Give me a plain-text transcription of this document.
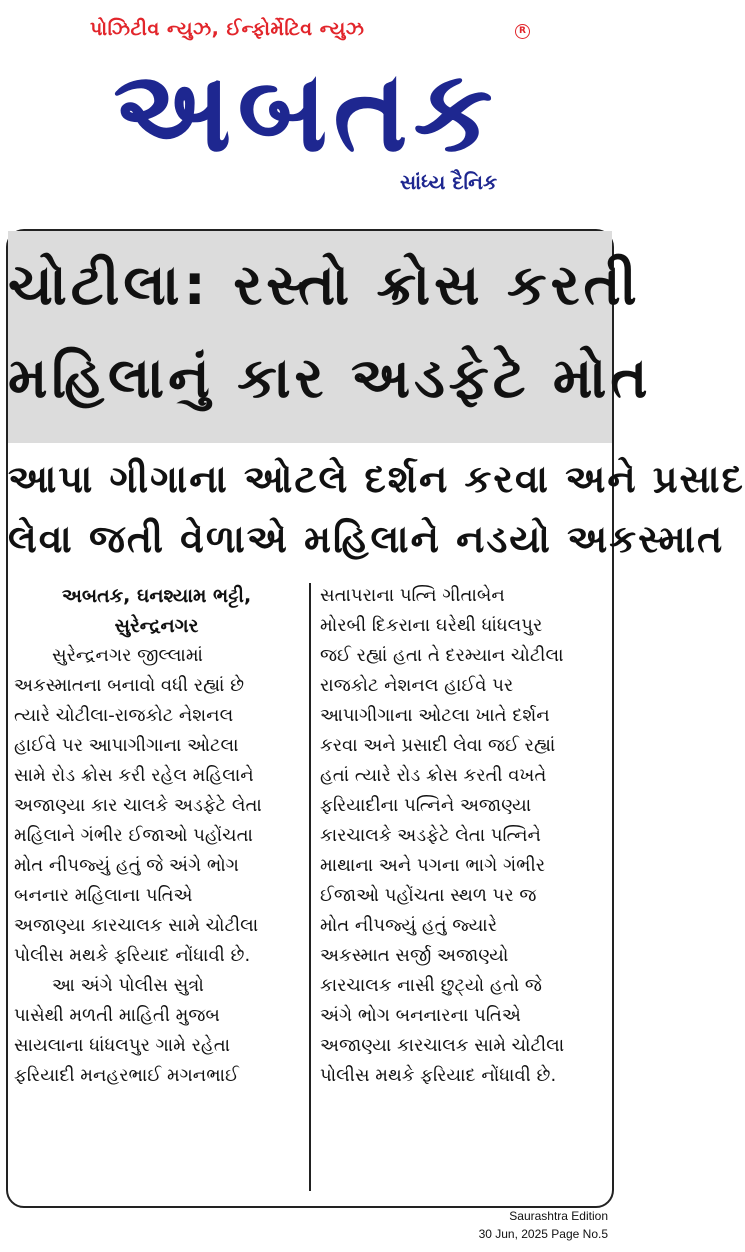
પોઝિટીવ ન્યુઝ, ઈન્ફોર્મેટિવ ન્યુઝ	R
અબતક
સાંધ્ય દૈનિક
ચોટીલા: રસ્તો ક્રોસ કરતી
મહિલાનું કાર અડફેટે મોત
આપા ગીગાના ઓટલે દર્શન કરવા અને પ્રસાદ
લેવા જતી વેળાએ મહિલાને નડયો અકસ્માત

અબતક, ઘનશ્યામ ભટ્ટી,
સુરેન્દ્રનગર

સુરેન્દ્રનગર જીલ્લામાં
અકસ્માતના બનાવો વધી રહ્યાં છે
ત્યારે ચોટીલા-રાજકોટ નેશનલ
હાઈવે પર આપાગીગાના ઓટલા
સામે રોડ ક્રોસ કરી રહેલ મહિલાને
અજાણ્યા કાર ચાલકે અડફેટે લેતા
મહિલાને ગંભીર ઈજાઓ પહોંચતા
મોત નીપજ્યું હતું જે અંગે ભોગ
બનનાર મહિલાના પતિએ
અજાણ્યા કારચાલક સામે ચોટીલા
પોલીસ મથકે ફરિયાદ નોંધાવી છે.
આ અંગે પોલીસ સુત્રો
પાસેથી મળતી માહિતી મુજબ
સાયલાના ધાંધલપુર ગામે રહેતા
ફરિયાદી મનહરભાઈ મગનભાઈ

સતાપરાના પત્નિ ગીતાબેન
મોરબી દિકરાના ઘરેથી ધાંધલપુર
જઈ રહ્યાં હતા તે દરમ્યાન ચોટીલા
રાજકોટ નેશનલ હાઈવે પર
આપાગીગાના ઓટલા ખાતે દર્શન
કરવા અને પ્રસાદી લેવા જઈ રહ્યાં
હતાં ત્યારે રોડ ક્રોસ કરતી વખતે
ફરિયાદીના પત્નિને અજાણ્યા
કારચાલકે અડફેટે લેતા પત્નિને
માથાના અને પગના ભાગે ગંભીર
ઈજાઓ પહોંચતા સ્થળ પર જ
મોત નીપજ્યું હતું જ્યારે
અકસ્માત સર્જી અજાણ્યો
કારચાલક નાસી છુટ્યો હતો જે
અંગે ભોગ બનનારના પતિએ
અજાણ્યા કારચાલક સામે ચોટીલા
પોલીસ મથકે ફરિયાદ નોંધાવી છે.

Saurashtra Edition
30 Jun, 2025 Page No.5
